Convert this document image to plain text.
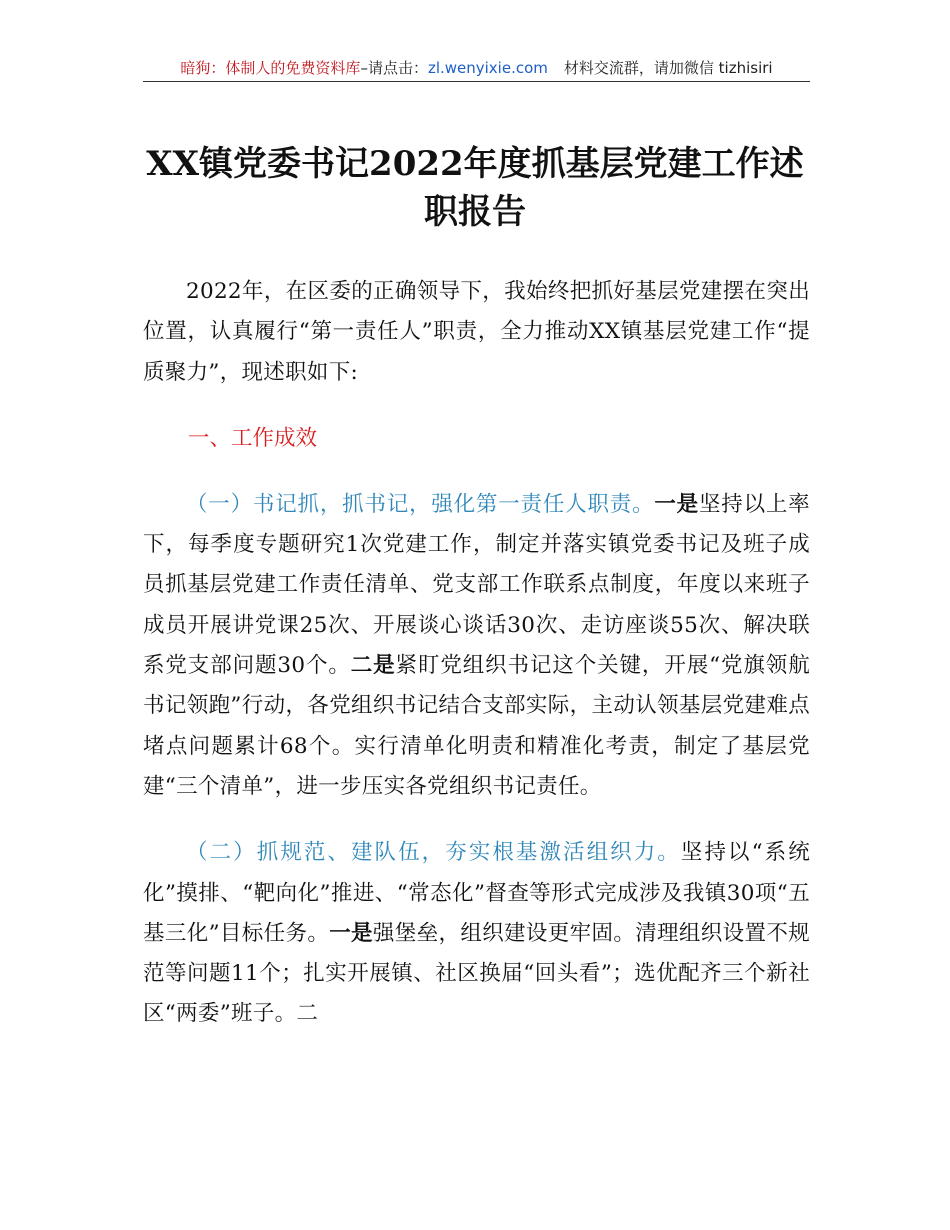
暗狗：体制人的免费资料库–请点击：zl.wenyixie.com 材料交流群，请加微信 tizhisiri
XX镇党委书记2022年度抓基层党建工作述
职报告

2022年，在区委的正确领导下，我始终把抓好基层党建摆在突出位置，认真履行“第一责任人”职责，全力推动XX镇基层党建工作“提质聚力”，现述职如下:

一、工作成效

（一）书记抓，抓书记，强化第一责任人职责。一是坚持以上率下，每季度专题研究1次党建工作，制定并落实镇党委书记及班子成员抓基层党建工作责任清单、党支部工作联系点制度，年度以来班子成员开展讲党课25次、开展谈心谈话30次、走访座谈55次、解决联系党支部问题30个。二是紧盯党组织书记这个关键，开展“党旗领航书记领跑”行动，各党组织书记结合支部实际，主动认领基层党建难点堵点问题累计68个。实行清单化明责和精准化考责，制定了基层党建“三个清单”，进一步压实各党组织书记责任。

（二）抓规范、建队伍，夯实根基激活组织力。坚持以“系统化”摸排、“靶向化”推进、“常态化”督查等形式完成涉及我镇30项“五基三化”目标任务。一是强堡垒，组织建设更牢固。清理组织设置不规范等问题11个；扎实开展镇、社区换届“回头看”；选优配齐三个新社区“两委”班子。二
